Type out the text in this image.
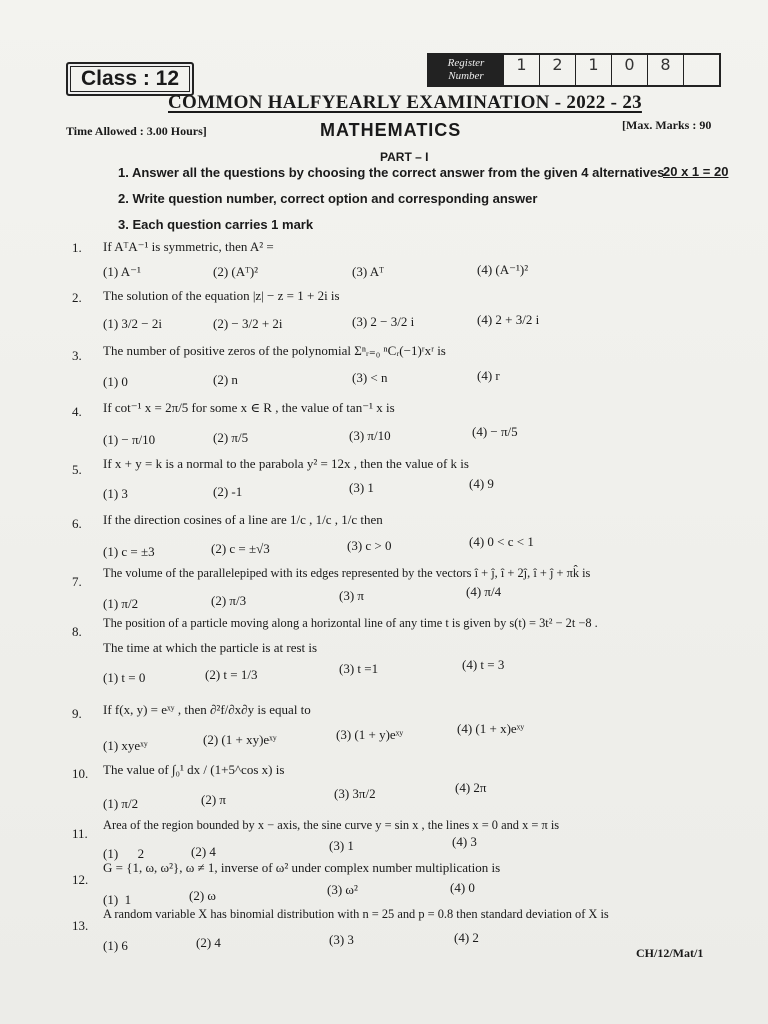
Class : 12
Register Number
1	2	1	0	8
COMMON HALFYEARLY EXAMINATION - 2022 - 23
Time Allowed : 3.00 Hours]	MATHEMATICS	[Max. Marks : 90
PART – I
1. Answer all the questions by choosing the correct answer from the given 4 alternatives
2. Write question number, correct option and corresponding answer
3. Each question carries 1 mark
20 x 1 = 20
1. If AᵀA⁻¹ is symmetric, then A² =
(1) A⁻¹	(2) (Aᵀ)²	(3) Aᵀ	(4) (A⁻¹)²
2. The solution of the equation |z| − z = 1 + 2i is
(1) 3/2 − 2i	(2) − 3/2 + 2i	(3) 2 − 3/2 i	(4) 2 + 3/2 i
3. The number of positive zeros of the polynomial Σⁿᵣ₌₀ ⁿCᵣ(−1)ʳxʳ is
(1) 0	(2) n	(3) < n	(4) r
4. If cot⁻¹ x = 2π/5 for some x ∈ R , the value of tan⁻¹ x is
(1) − π/10	(2) π/5	(3) π/10	(4) − π/5
5. If x + y = k is a normal to the parabola y² = 12x , then the value of k is
(1) 3	(2) -1	(3) 1	(4) 9
6. If the direction cosines of a line are 1/c , 1/c , 1/c then
(1) c = ±3	(2) c = ±√3	(3) c > 0	(4) 0 < c < 1
7.
The volume of the parallelepiped with its edges represented by the vectors î + ĵ, î + 2ĵ, î + ĵ + πk̂ is
(1) π/2	(2) π/3	(3) π	(4) π/4
8.
The position of a particle moving along a horizontal line of any time t is given by s(t) = 3t² − 2t −8 .
The time at which the particle is at rest is
(1) t = 0	(2) t = 1/3	(3) t =1	(4) t = 3
9. If f(x, y) = eˣʸ , then ∂²f/∂x∂y is equal to
(1) xyeˣʸ	(2) (1 + xy)eˣʸ	(3) (1 + y)eˣʸ	(4) (1 + x)eˣʸ
10. The value of ∫₀¹ dx / (1+5^cos x) is
(1) π/2	(2) π	(3) 3π/2	(4) 2π
11.
Area of the region bounded by x − axis, the sine curve y = sin x , the lines x = 0 and x = π is
(1)      2	(2) 4	(3) 1	(4) 3
12.
G = {1, ω, ω²}, ω ≠ 1, inverse of ω² under complex number multiplication is
(1)  1	(2) ω	(3) ω²	(4) 0
13.
A random variable X has binomial distribution with n = 25 and p = 0.8 then standard deviation of X is
(1) 6	(2) 4	(3) 3	(4) 2
CH/12/Mat/1
